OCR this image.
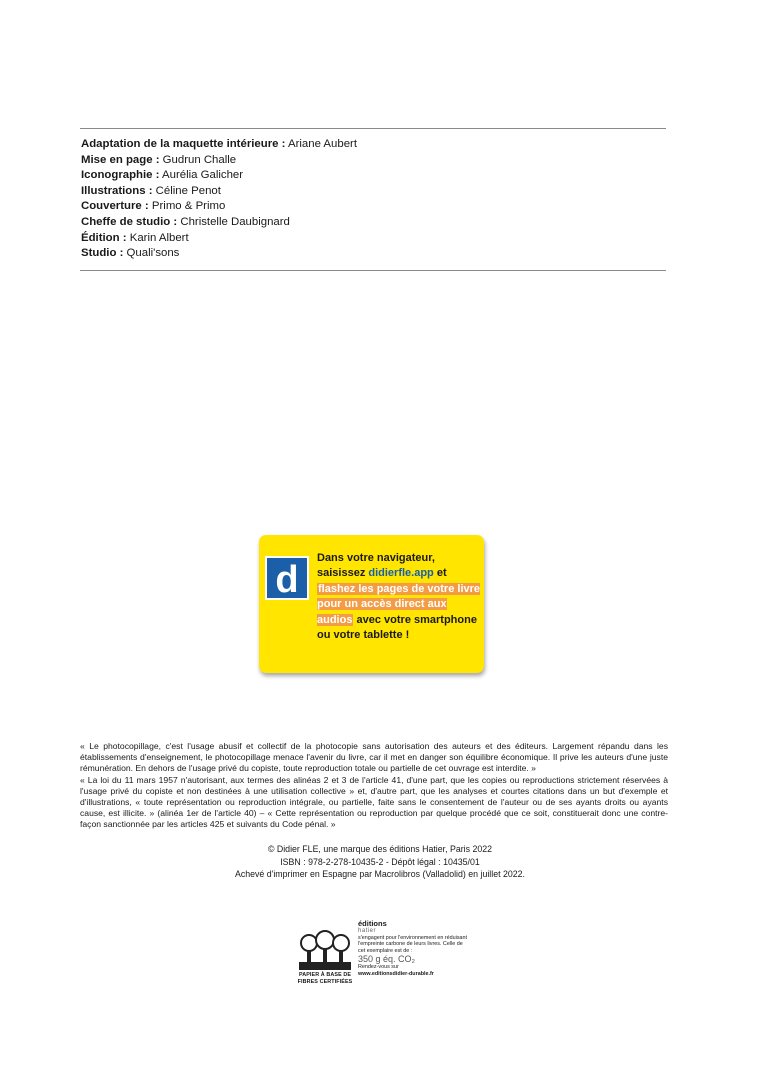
Adaptation de la maquette intérieure : Ariane Aubert
Mise en page : Gudrun Challe
Iconographie : Aurélia Galicher
Illustrations : Céline Penot
Couverture : Primo & Primo
Cheffe de studio : Christelle Daubignard
Édition : Karin Albert
Studio : Quali'sons
d
Dans votre navigateur, saisissez didierfle.app et flashez les pages de votre livre pour un accès direct aux audios avec votre smartphone ou votre tablette !

« Le photocopillage, c'est l'usage abusif et collectif de la photocopie sans autorisation des auteurs et des éditeurs. Largement répandu dans les établissements d'enseignement, le photocopillage menace l'avenir du livre, car il met en danger son équilibre économique. Il prive les auteurs d'une juste rémunération. En dehors de l'usage privé du copiste, toute reproduction totale ou partielle de cet ouvrage est interdite. »

« La loi du 11 mars 1957 n'autorisant, aux termes des alinéas 2 et 3 de l'article 41, d'une part, que les copies ou reproductions strictement réservées à l'usage privé du copiste et non destinées à une utilisation collective » et, d'autre part, que les analyses et courtes citations dans un but d'exemple et d'illustrations, « toute représentation ou reproduction intégrale, ou partielle, faite sans le consentement de l'auteur ou de ses ayants droits ou ayants cause, est illicite. » (alinéa 1er de l'article 40) – « Cette représentation ou reproduction par quelque procédé que ce soit, constituerait donc une contre-façon sanctionnée par les articles 425 et suivants du Code pénal. »

© Didier FLE, une marque des éditions Hatier, Paris 2022
ISBN : 978-2-278-10435-2 - Dépôt légal : 10435/01
Achevé d'imprimer en Espagne par Macrolibros (Valladolid) en juillet 2022.
PAPIER À BASE DE FIBRES CERTIFIÉES
éditions
hatier
s'engagent pour l'environnement en réduisant l'empreinte carbone de leurs livres. Celle de cet exemplaire est de :
350 g éq. CO₂
Rendez-vous sur
www.editionsdidier-durable.fr
